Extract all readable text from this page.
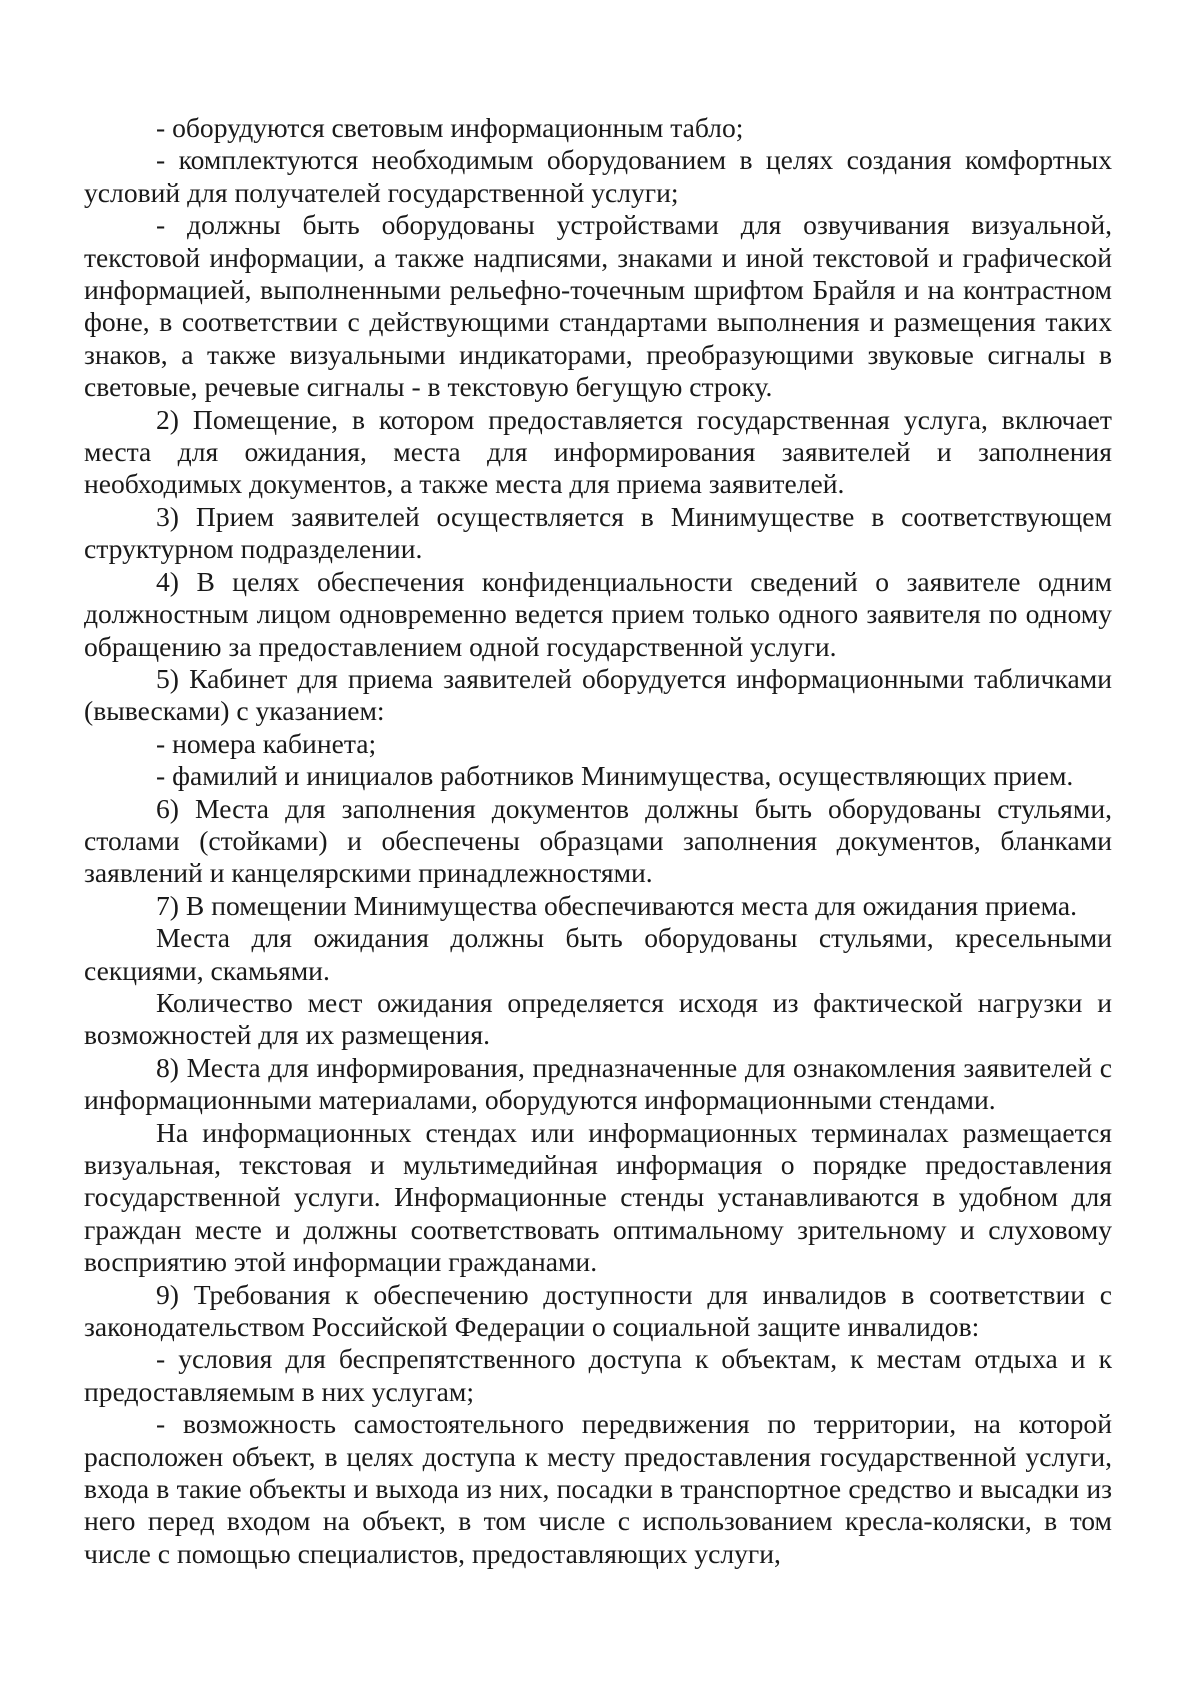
- оборудуются световым информационным табло;

- комплектуются необходимым оборудованием в целях создания комфортных условий для получателей государственной услуги;

- должны быть оборудованы устройствами для озвучивания визуальной, текстовой информации, а также надписями, знаками и иной текстовой и графической информацией, выполненными рельефно-точечным шрифтом Брайля и на контрастном фоне, в соответствии с действующими стандартами выполнения и размещения таких знаков, а также визуальными индикаторами, преобразующими звуковые сигналы в световые, речевые сигналы - в текстовую бегущую строку.

2) Помещение, в котором предоставляется государственная услуга, включает места для ожидания, места для информирования заявителей и заполнения необходимых документов, а также места для приема заявителей.

3) Прием заявителей осуществляется в Минимуществе в соответствующем структурном подразделении.

4) В целях обеспечения конфиденциальности сведений о заявителе одним должностным лицом одновременно ведется прием только одного заявителя по одному обращению за предоставлением одной государственной услуги.

5) Кабинет для приема заявителей оборудуется информационными табличками (вывесками) с указанием:

- номера кабинета;

- фамилий и инициалов работников Минимущества, осуществляющих прием.

6) Места для заполнения документов должны быть оборудованы стульями, столами (стойками) и обеспечены образцами заполнения документов, бланками заявлений и канцелярскими принадлежностями.

7) В помещении Минимущества обеспечиваются места для ожидания приема.

Места для ожидания должны быть оборудованы стульями, кресельными секциями, скамьями.

Количество мест ожидания определяется исходя из фактической нагрузки и возможностей для их размещения.

8) Места для информирования, предназначенные для ознакомления заявителей с информационными материалами, оборудуются информационными стендами.

На информационных стендах или информационных терминалах размещается визуальная, текстовая и мультимедийная информация о порядке предоставления государственной услуги. Информационные стенды устанавливаются в удобном для граждан месте и должны соответствовать оптимальному зрительному и слуховому восприятию этой информации гражданами.

9) Требования к обеспечению доступности для инвалидов в соответствии с законодательством Российской Федерации о социальной защите инвалидов:

- условия для беспрепятственного доступа к объектам, к местам отдыха и к предоставляемым в них услугам;

- возможность самостоятельного передвижения по территории, на которой расположен объект, в целях доступа к месту предоставления государственной услуги, входа в такие объекты и выхода из них, посадки в транспортное средство и высадки из него перед входом на объект, в том числе с использованием кресла-коляски, в том числе с помощью специалистов, предоставляющих услуги,
